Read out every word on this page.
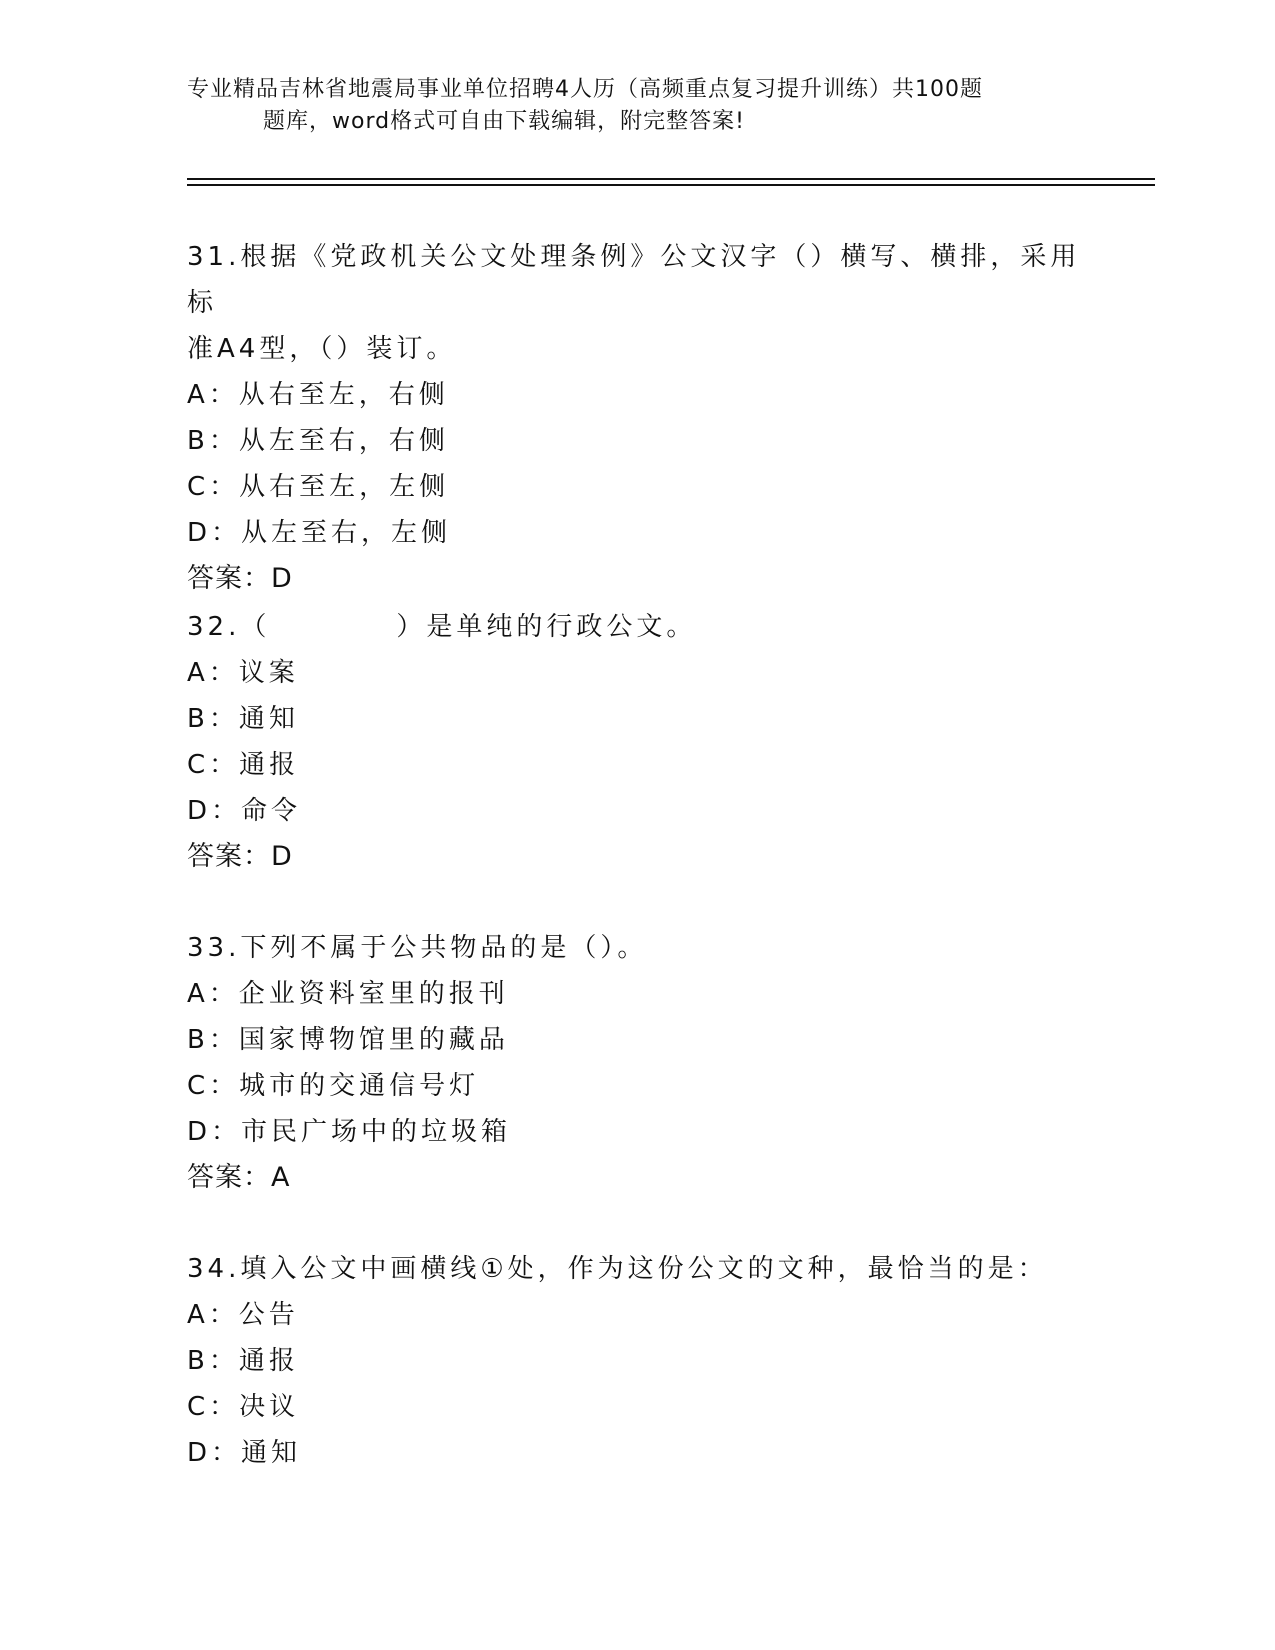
专业精品吉林省地震局事业单位招聘4人历（高频重点复习提升训练）共100题
题库，word格式可自由下载编辑，附完整答案!
31.根据《党政机关公文处理条例》公文汉字（）横写、横排，采用标
准A4型，（）装订。
A：从右至左，右侧
B：从左至右，右侧
C：从右至左，左侧
D：从左至右，左侧
答案：D
32.（	）是单纯的行政公文。
A：议案
B：通知
C：通报
D：命令
答案：D
33.下列不属于公共物品的是（）。
A：企业资料室里的报刊
B：国家博物馆里的藏品
C：城市的交通信号灯
D：市民广场中的垃圾箱
答案：A
34.填入公文中画横线①处，作为这份公文的文种，最恰当的是：
A：公告
B：通报
C：决议
D：通知
